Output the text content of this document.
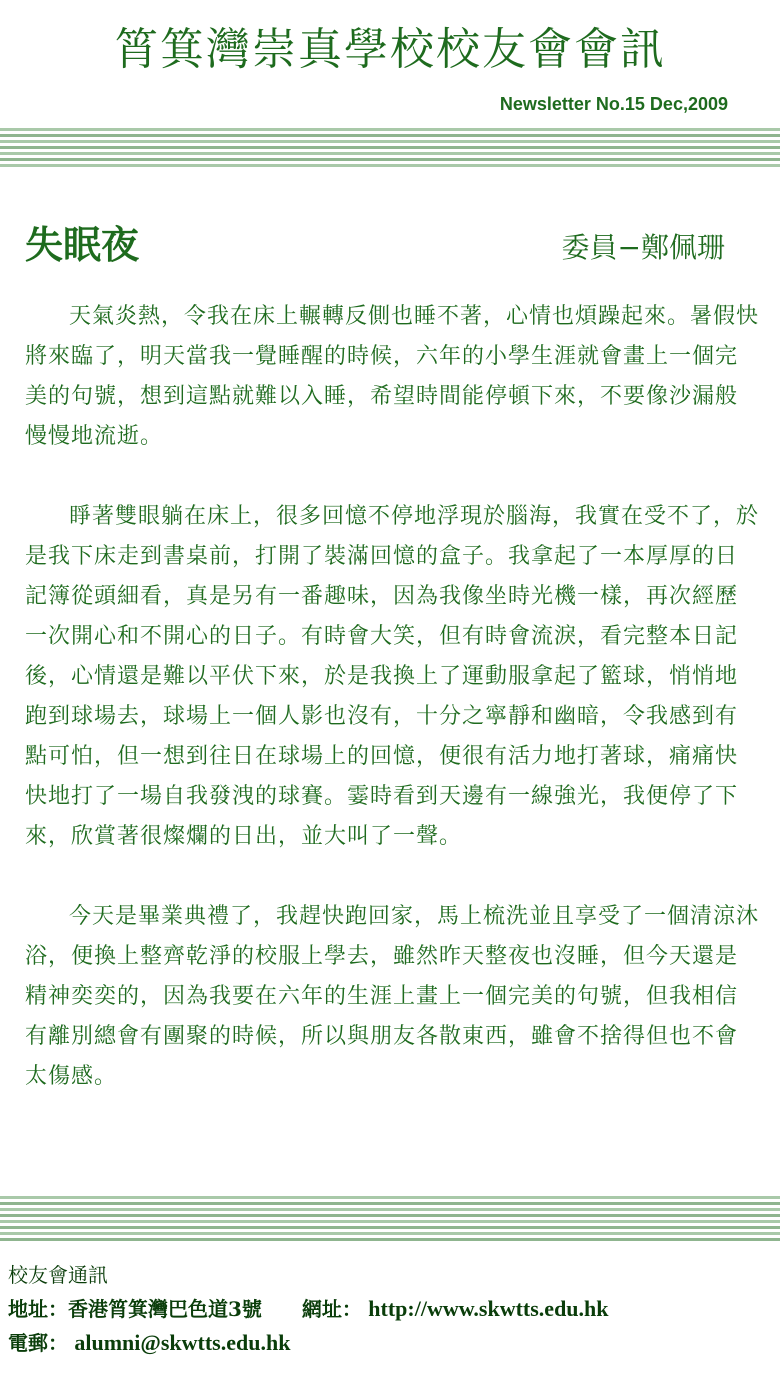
筲箕灣崇真學校校友會會訊
Newsletter No.15 Dec,2009
失眠夜	委員−鄭佩珊

天氣炎熱，令我在床上輾轉反側也睡不著，心情也煩躁起來。暑假快將來臨了，明天當我一覺睡醒的時候，六年的小學生涯就會畫上一個完美的句號，想到這點就難以入睡，希望時間能停頓下來，不要像沙漏般慢慢地流逝。

睜著雙眼躺在床上，很多回憶不停地浮現於腦海，我實在受不了，於是我下床走到書桌前，打開了裝滿回憶的盒子。我拿起了一本厚厚的日記簿從頭細看，真是另有一番趣味，因為我像坐時光機一樣，再次經歷一次開心和不開心的日子。有時會大笑，但有時會流淚，看完整本日記後，心情還是難以平伏下來，於是我換上了運動服拿起了籃球，悄悄地跑到球場去，球場上一個人影也沒有，十分之寧靜和幽暗，令我感到有點可怕，但一想到往日在球場上的回憶，便很有活力地打著球，痛痛快快地打了一場自我發洩的球賽。霎時看到天邊有一線強光，我便停了下來，欣賞著很燦爛的日出，並大叫了一聲。

今天是畢業典禮了，我趕快跑回家，馬上梳洗並且享受了一個清涼沐浴，便換上整齊乾淨的校服上學去，雖然昨天整夜也沒睡，但今天還是精神奕奕的，因為我要在六年的生涯上畫上一個完美的句號，但我相信有離別總會有團聚的時候，所以與朋友各散東西，雖會不捨得但也不會太傷感。

校友會通訊
地址：香港筲箕灣巴色道3號 網址： http://www.skwtts.edu.hk
電郵： alumni@skwtts.edu.hk
